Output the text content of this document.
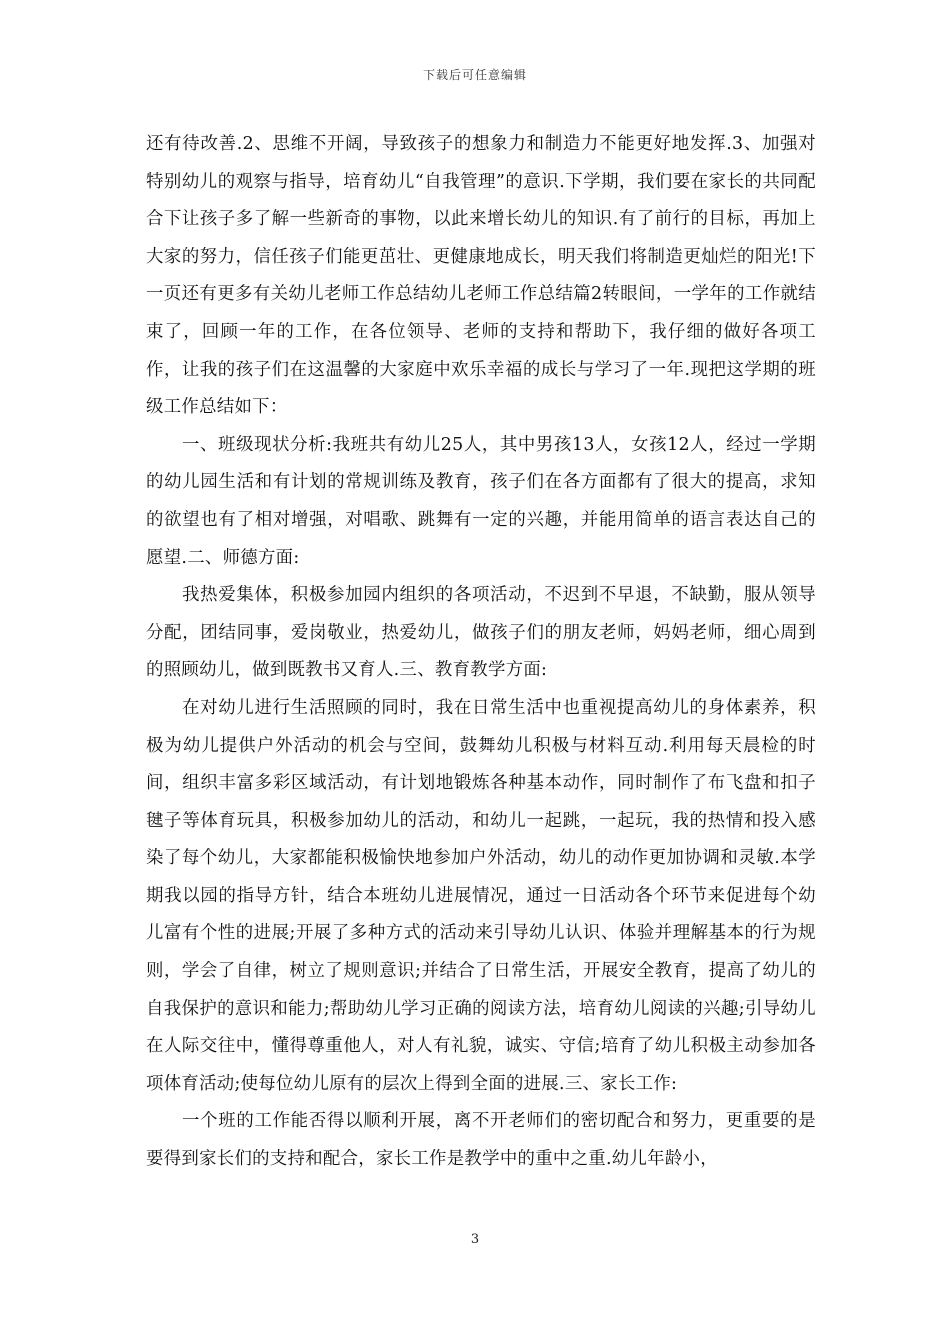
下载后可任意编辑

还有待改善.2、思维不开阔，导致孩子的想象力和制造力不能更好地发挥.3、加强对特别幼儿的观察与指导，培育幼儿“自我管理”的意识.下学期，我们要在家长的共同配合下让孩子多了解一些新奇的事物，以此来增长幼儿的知识.有了前行的目标，再加上大家的努力，信任孩子们能更茁壮、更健康地成长，明天我们将制造更灿烂的阳光!下一页还有更多有关幼儿老师工作总结幼儿老师工作总结篇2转眼间，一学年的工作就结束了，回顾一年的工作，在各位领导、老师的支持和帮助下，我仔细的做好各项工作，让我的孩子们在这温馨的大家庭中欢乐幸福的成长与学习了一年.现把这学期的班级工作总结如下：

一、班级现状分析:我班共有幼儿25人，其中男孩13人，女孩12人，经过一学期的幼儿园生活和有计划的常规训练及教育，孩子们在各方面都有了很大的提高，求知的欲望也有了相对增强，对唱歌、跳舞有一定的兴趣，并能用简单的语言表达自己的愿望.二、师德方面:

我热爱集体，积极参加园内组织的各项活动，不迟到不早退，不缺勤，服从领导分配，团结同事，爱岗敬业，热爱幼儿，做孩子们的朋友老师，妈妈老师，细心周到的照顾幼儿，做到既教书又育人.三、教育教学方面:

在对幼儿进行生活照顾的同时，我在日常生活中也重视提高幼儿的身体素养，积极为幼儿提供户外活动的机会与空间，鼓舞幼儿积极与材料互动.利用每天晨检的时间，组织丰富多彩区域活动，有计划地锻炼各种基本动作，同时制作了布飞盘和扣子毽子等体育玩具，积极参加幼儿的活动，和幼儿一起跳，一起玩，我的热情和投入感染了每个幼儿，大家都能积极愉快地参加户外活动，幼儿的动作更加协调和灵敏.本学期我以园的指导方针，结合本班幼儿进展情况，通过一日活动各个环节来促进每个幼儿富有个性的进展;开展了多种方式的活动来引导幼儿认识、体验并理解基本的行为规则，学会了自律，树立了规则意识;并结合了日常生活，开展安全教育，提高了幼儿的自我保护的意识和能力;帮助幼儿学习正确的阅读方法，培育幼儿阅读的兴趣;引导幼儿在人际交往中，懂得尊重他人，对人有礼貌，诚实、守信;培育了幼儿积极主动参加各项体育活动;使每位幼儿原有的层次上得到全面的进展.三、家长工作:

一个班的工作能否得以顺利开展，离不开老师们的密切配合和努力，更重要的是要得到家长们的支持和配合，家长工作是教学中的重中之重.幼儿年龄小，

3
